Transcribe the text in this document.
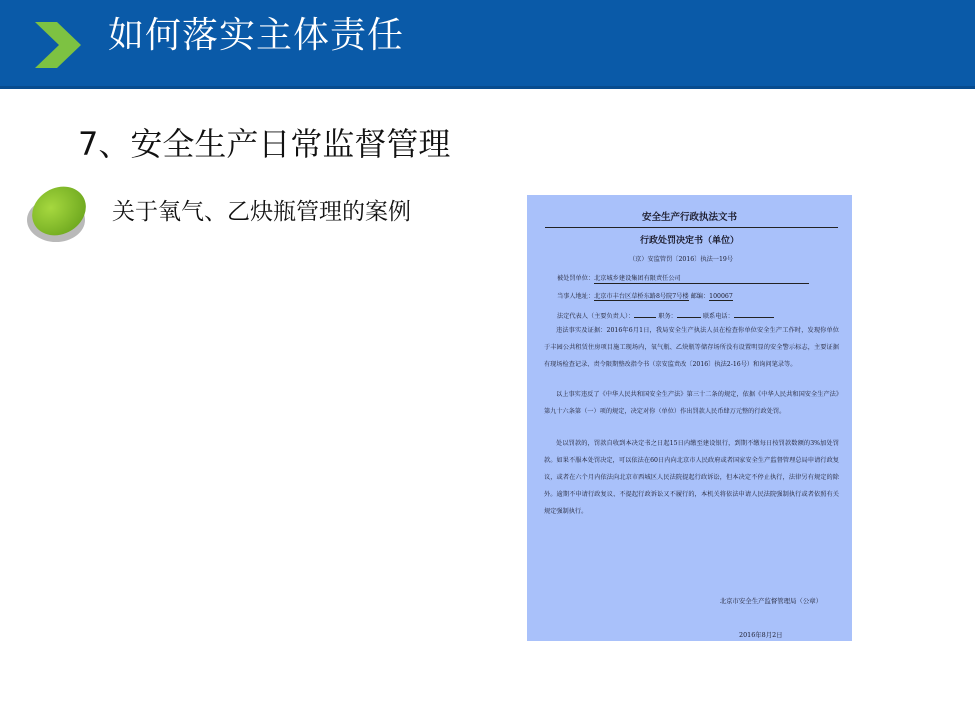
如何落实主体责任
7、安全生产日常监督管理
关于氧气、乙炔瓶管理的案例	安全生产行政执法文书
行政处罚决定书（单位）
（京）安监管罚〔2016〕执法一19号
被处罚单位：北京城乡建设集团有限责任公司
当事人地址：北京市丰台区草桥东路8号院7号楼 邮编：100067
法定代表人（主要负责人）：	职务：	联系电话：
违法事实及证据：2016年6月1日，我局安全生产执法人员在检查你单位安全生产工作时，发现你单位于丰园公共租赁住房项目施工现场内，氧气瓶、乙炔瓶等储存场所没有设置明显的安全警示标志，主要证据有现场检查记录、责令限期整改指令书（京安监责改〔2016〕执法2-16号）和询问笔录等。
以上事实违反了《中华人民共和国安全生产法》第三十二条的规定，依据《中华人民共和国安全生产法》第九十六条第（一）项的规定，决定对你（单位）作出罚款人民币肆万元整的行政处罚。
处以罚款的，罚款自收到本决定书之日起15日内缴至建设银行，到期不缴每日按罚款数额的3%加处罚款。如果不服本处罚决定，可以依法在60日内向北京市人民政府或者国家安全生产监督管理总局申请行政复议，或者在六个月内依法向北京市西城区人民法院提起行政诉讼，但本决定不停止执行，法律另有规定的除外。逾期不申请行政复议、不提起行政诉讼又不履行的，本机关将依法申请人民法院强制执行或者依照有关规定强制执行。
北京市安全生产监督管理局（公章）
2016年8月2日
